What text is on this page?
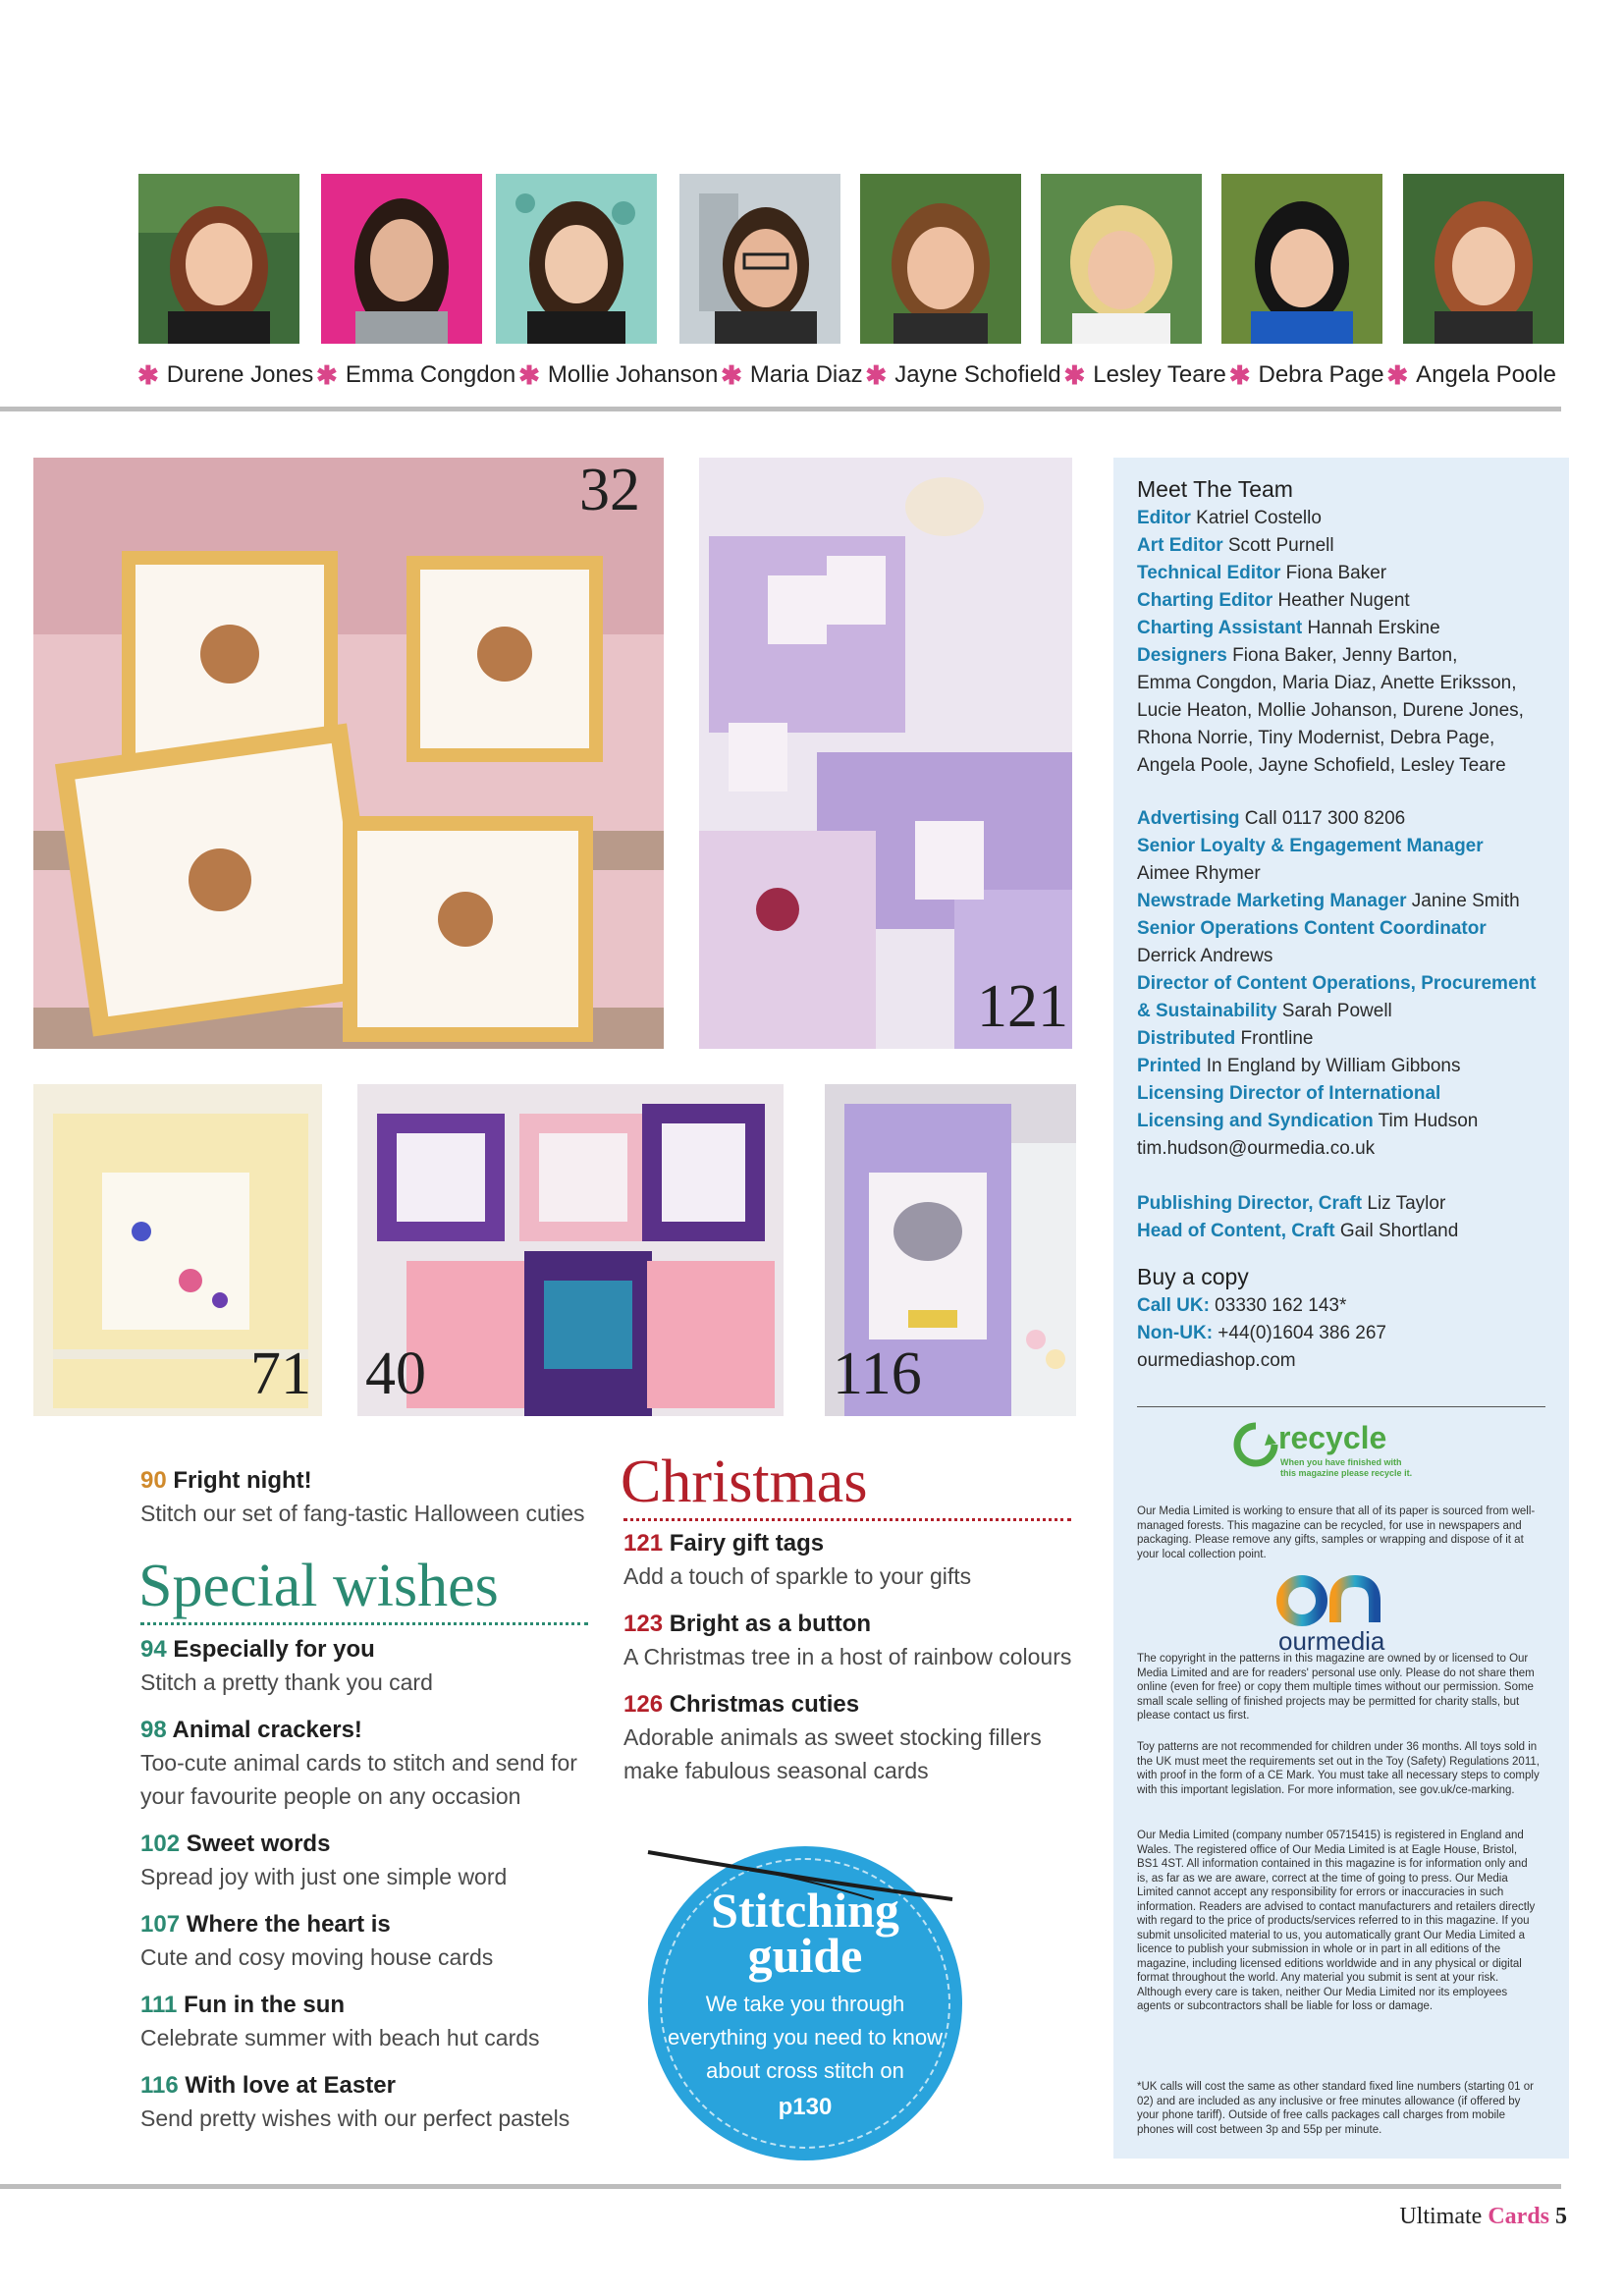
✱ Durene Jones ✱ Emma Congdon ✱ Mollie Johanson ✱ Maria Diaz ✱ Jayne Schofield ✱ Lesley Teare ✱ Debra Page ✱ Angela Poole
32
121
71 40	116
90 Fright night!
Stitch our set of fang-tastic Halloween cuties
Special wishes
94 Especially for you
Stitch a pretty thank you card
98 Animal crackers!
Too-cute animal cards to stitch and send for
your favourite people on any occasion
102 Sweet words
Spread joy with just one simple word
107 Where the heart is
Cute and cosy moving house cards
111 Fun in the sun
Celebrate summer with beach hut cards
116 With love at Easter
Send pretty wishes with our perfect pastels
Christmas
121 Fairy gift tags
Add a touch of sparkle to your gifts
123 Bright as a button
A Christmas tree in a host of rainbow colours
126 Christmas cuties
Adorable animals as sweet stocking fillers
make fabulous seasonal cards
Stitching
guide
We take you through
everything you need to know
about cross stitch on
p130
Meet The Team
Editor Katriel Costello
Art Editor Scott Purnell
Technical Editor Fiona Baker
Charting Editor Heather Nugent
Charting Assistant Hannah Erskine
Designers Fiona Baker, Jenny Barton,
Emma Congdon, Maria Diaz, Anette Eriksson,
Lucie Heaton, Mollie Johanson, Durene Jones,
Rhona Norrie, Tiny Modernist, Debra Page,
Angela Poole, Jayne Schofield, Lesley Teare
Advertising Call 0117 300 8206
Senior Loyalty & Engagement Manager
Aimee Rhymer
Newstrade Marketing Manager Janine Smith
Senior Operations Content Coordinator
Derrick Andrews
Director of Content Operations, Procurement
& Sustainability Sarah Powell
Distributed Frontline
Printed In England by William Gibbons
Licensing Director of International
Licensing and Syndication Tim Hudson
tim.hudson@ourmedia.co.uk
Publishing Director, Craft Liz Taylor
Head of Content, Craft Gail Shortland
Buy a copy
Call UK: 03330 162 143*
Non-UK: +44(0)1604 386 267
ourmediashop.com
recycle
When you have finished with
this magazine please recycle it.
Our Media Limited is working to ensure that all of its paper is sourced from well-managed forests. This magazine can be recycled, for use in newspapers and packaging. Please remove any gifts, samples or wrapping and dispose of it at your local collection point.
ourmedia
The copyright in the patterns in this magazine are owned by or licensed to Our Media Limited and are for readers' personal use only. Please do not share them online (even for free) or copy them multiple times without our permission. Some small scale selling of finished projects may be permitted for charity stalls, but please contact us first.
Toy patterns are not recommended for children under 36 months. All toys sold in the UK must meet the requirements set out in the Toy (Safety) Regulations 2011, with proof in the form of a CE Mark. You must take all necessary steps to comply with this important legislation. For more information, see gov.uk/ce-marking.
Our Media Limited (company number 05715415) is registered in England and Wales. The registered office of Our Media Limited is at Eagle House, Bristol, BS1 4ST. All information contained in this magazine is for information only and is, as far as we are aware, correct at the time of going to press. Our Media Limited cannot accept any responsibility for errors or inaccuracies in such information. Readers are advised to contact manufacturers and retailers directly with regard to the price of products/services referred to in this magazine. If you submit unsolicited material to us, you automatically grant Our Media Limited a licence to publish your submission in whole or in part in all editions of the magazine, including licensed editions worldwide and in any physical or digital format throughout the world. Any material you submit is sent at your risk. Although every care is taken, neither Our Media Limited nor its employees agents or subcontractors shall be liable for loss or damage.
*UK calls will cost the same as other standard fixed line numbers (starting 01 or 02) and are included as any inclusive or free minutes allowance (if offered by your phone tariff). Outside of free calls packages call charges from mobile phones will cost between 3p and 55p per minute.
Ultimate Cards 5
